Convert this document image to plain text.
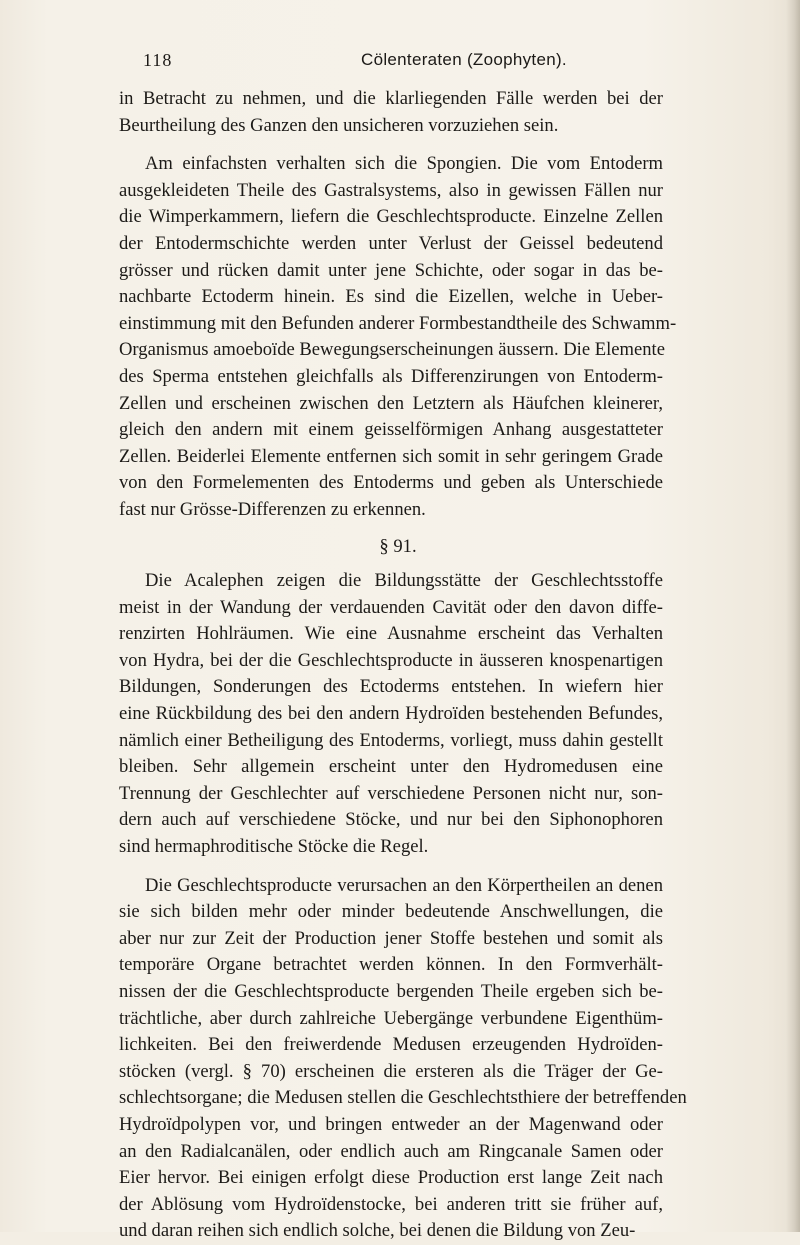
118	Cölenteraten (Zoophyten).
in Betracht zu nehmen, und die klarliegenden Fälle werden bei der
Beurtheilung des Ganzen den unsicheren vorzuziehen sein.
Am einfachsten verhalten sich die Spongien. Die vom Entoderm
ausgekleideten Theile des Gastralsystems, also in gewissen Fällen nur
die Wimperkammern, liefern die Geschlechtsproducte. Einzelne Zellen
der Entodermschichte werden unter Verlust der Geissel bedeutend
grösser und rücken damit unter jene Schichte, oder sogar in das be-
nachbarte Ectoderm hinein. Es sind die Eizellen, welche in Ueber-
einstimmung mit den Befunden anderer Formbestandtheile des Schwamm-
Organismus amoeboïde Bewegungserscheinungen äussern. Die Elemente
des Sperma entstehen gleichfalls als Differenzirungen von Entoderm-
Zellen und erscheinen zwischen den Letztern als Häufchen kleinerer,
gleich den andern mit einem geisselförmigen Anhang ausgestatteter
Zellen. Beiderlei Elemente entfernen sich somit in sehr geringem Grade
von den Formelementen des Entoderms und geben als Unterschiede
fast nur Grösse-Differenzen zu erkennen.
§ 91.
Die Acalephen zeigen die Bildungsstätte der Geschlechtsstoffe
meist in der Wandung der verdauenden Cavität oder den davon diffe-
renzirten Hohlräumen. Wie eine Ausnahme erscheint das Verhalten
von Hydra, bei der die Geschlechtsproducte in äusseren knospenartigen
Bildungen, Sonderungen des Ectoderms entstehen. In wiefern hier
eine Rückbildung des bei den andern Hydroïden bestehenden Befundes,
nämlich einer Betheiligung des Entoderms, vorliegt, muss dahin gestellt
bleiben. Sehr allgemein erscheint unter den Hydromedusen eine
Trennung der Geschlechter auf verschiedene Personen nicht nur, son-
dern auch auf verschiedene Stöcke, und nur bei den Siphonophoren
sind hermaphroditische Stöcke die Regel.
Die Geschlechtsproducte verursachen an den Körpertheilen an denen
sie sich bilden mehr oder minder bedeutende Anschwellungen, die
aber nur zur Zeit der Production jener Stoffe bestehen und somit als
temporäre Organe betrachtet werden können. In den Formverhält-
nissen der die Geschlechtsproducte bergenden Theile ergeben sich be-
trächtliche, aber durch zahlreiche Uebergänge verbundene Eigenthüm-
lichkeiten. Bei den freiwerdende Medusen erzeugenden Hydroïden-
stöcken (vergl. § 70) erscheinen die ersteren als die Träger der Ge-
schlechtsorgane; die Medusen stellen die Geschlechtsthiere der betreffenden
Hydroïdpolypen vor, und bringen entweder an der Magenwand oder
an den Radialcanälen, oder endlich auch am Ringcanale Samen oder
Eier hervor. Bei einigen erfolgt diese Production erst lange Zeit nach
der Ablösung vom Hydroïdenstocke, bei anderen tritt sie früher auf,
und daran reihen sich endlich solche, bei denen die Bildung von Zeu-
